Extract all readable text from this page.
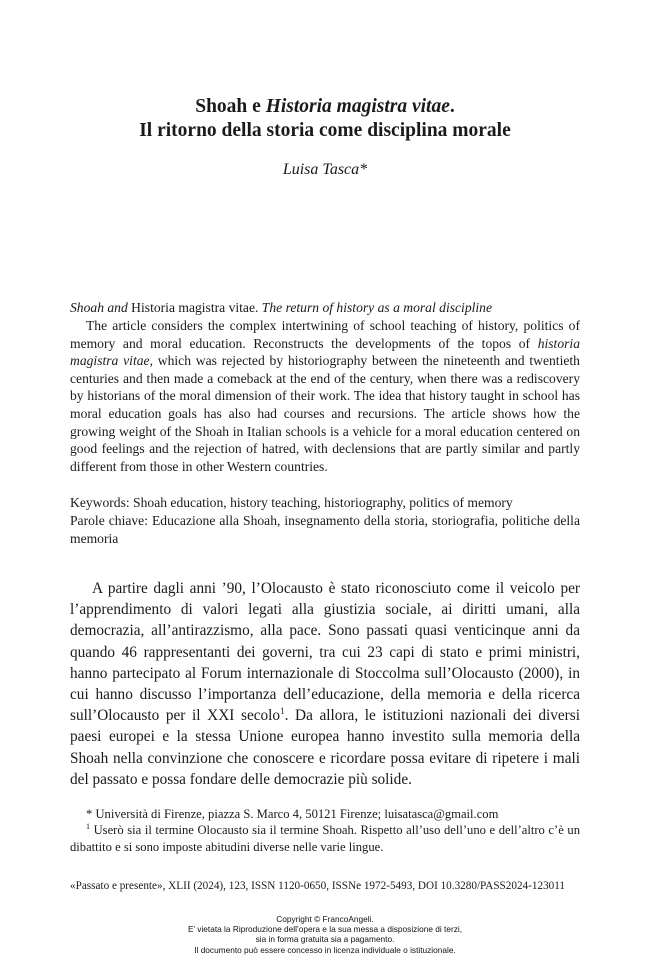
Shoah e Historia magistra vitae.
Il ritorno della storia come disciplina morale
Luisa Tasca*
Shoah and Historia magistra vitae. The return of history as a moral discipline
The article considers the complex intertwining of school teaching of history, politics of memory and moral education. Reconstructs the developments of the topos of historia magistra vitae, which was rejected by historiography between the nineteenth and twentieth centuries and then made a comeback at the end of the century, when there was a rediscovery by historians of the moral dimension of their work. The idea that history taught in school has moral education goals has also had courses and recursions. The article shows how the growing weight of the Shoah in Italian schools is a vehicle for a moral education centered on good feelings and the rejection of hatred, with declensions that are partly similar and partly different from those in other Western countries.
Keywords: Shoah education, history teaching, historiography, politics of memory
Parole chiave: Educazione alla Shoah, insegnamento della storia, storiografia, politiche della memoria
A partire dagli anni ’90, l’Olocausto è stato riconosciuto come il veicolo per l’apprendimento di valori legati alla giustizia sociale, ai diritti umani, alla democrazia, all’antirazzismo, alla pace. Sono passati quasi venticinque anni da quando 46 rappresentanti dei governi, tra cui 23 capi di stato e primi ministri, hanno partecipato al Forum internazionale di Stoccolma sull’Olocausto (2000), in cui hanno discusso l’importanza dell’educazione, della memoria e della ricerca sull’Olocausto per il XXI secolo$^1$. Da allora, le istituzioni nazionali dei diversi paesi europei e la stessa Unione europea hanno investito sulla memoria della Shoah nella convinzione che conoscere e ricordare possa evitare di ripetere i mali del passato e possa fondare delle democrazie più solide.
* Università di Firenze, piazza S. Marco 4, 50121 Firenze; luisatasca@gmail.com
$^1$ Userò sia il termine Olocausto sia il termine Shoah. Rispetto all’uso dell’uno e dell’altro c’è un dibattito e si sono imposte abitudini diverse nelle varie lingue.
«Passato e presente», XLII (2024), 123, ISSN 1120-0650, ISSNe 1972-5493, DOI 10.3280/PASS2024-123011
Copyright © FrancoAngeli.
E’ vietata la Riproduzione dell’opera e la sua messa a disposizione di terzi,
sia in forma gratuita sia a pagamento.
Il documento può essere concesso in licenza individuale o istituzionale.
